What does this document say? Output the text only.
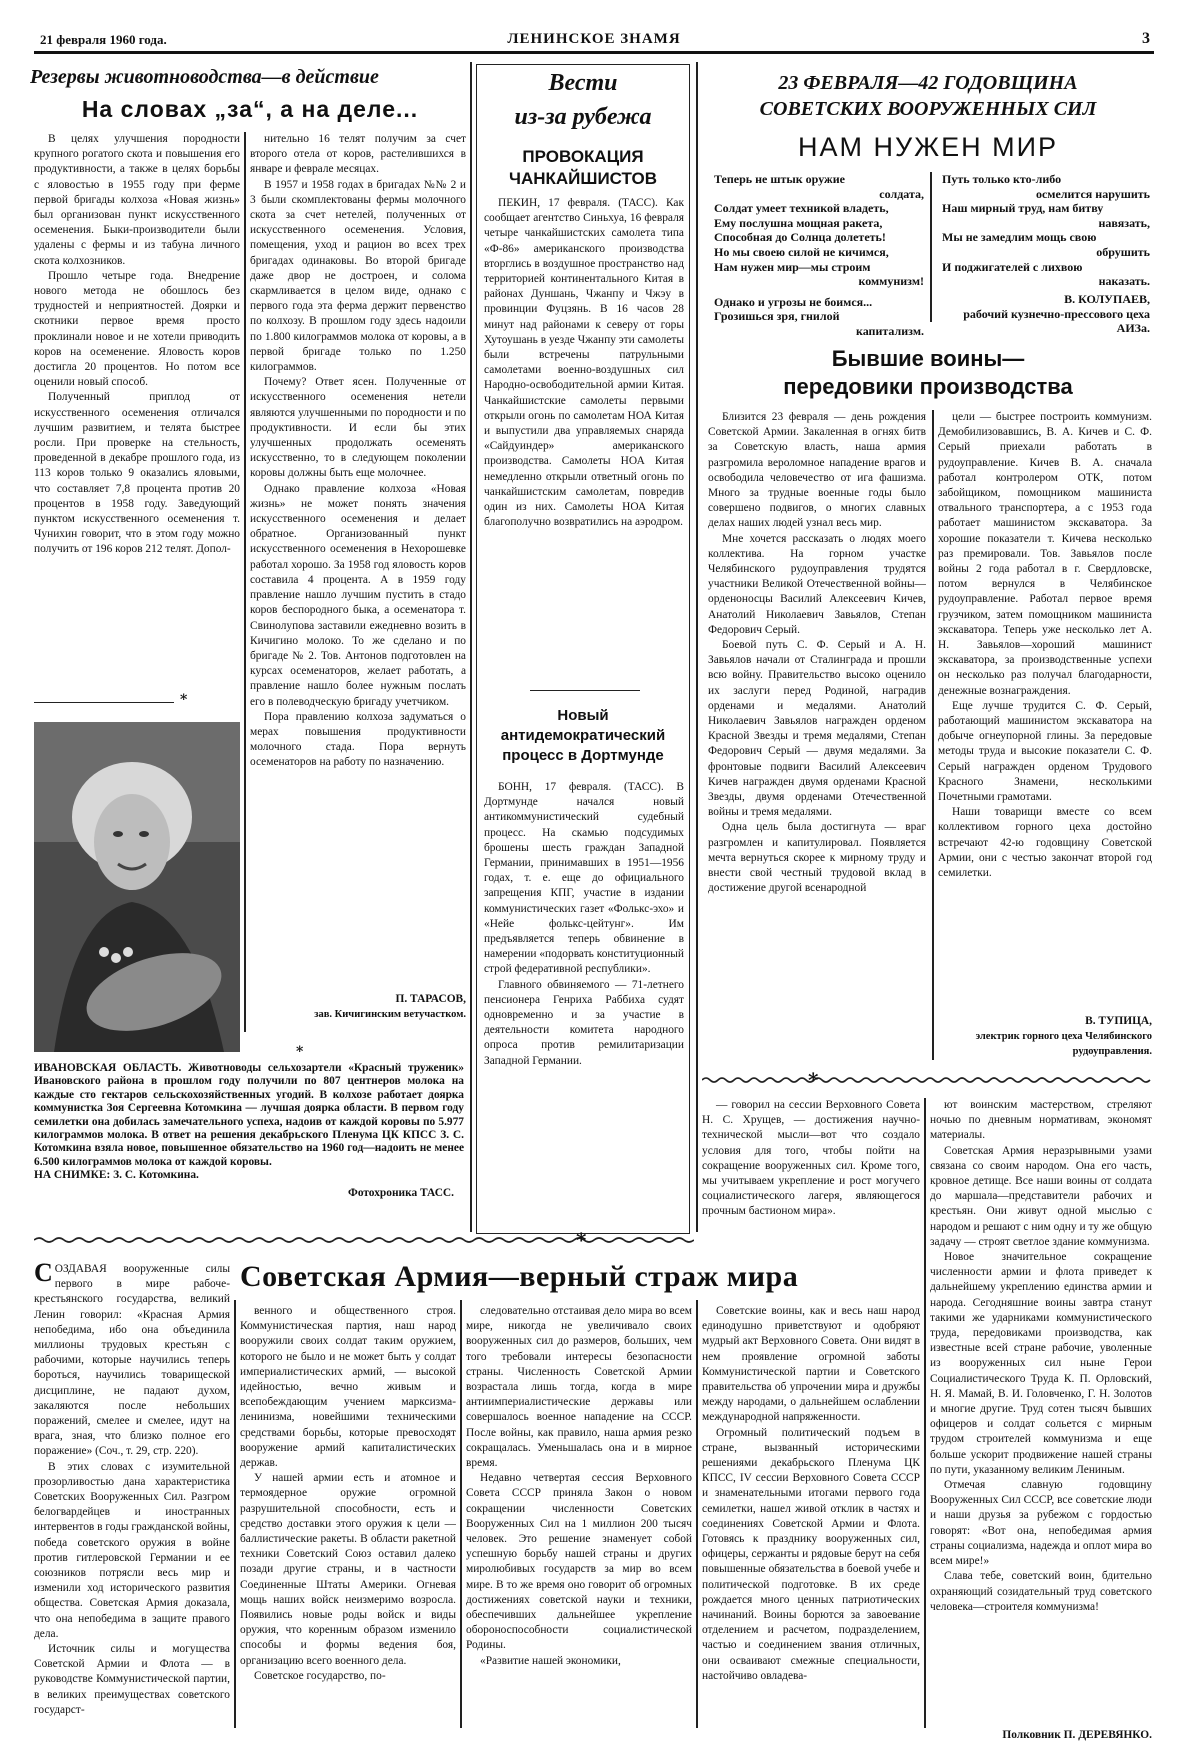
21 февраля 1960 года.	ЛЕНИНСКОЕ ЗНАМЯ	3
Резервы животноводства—в действие
На словах „за“, а на деле...

В целях улучшения породности крупного рогатого скота и повышения его продуктивности, а также в целях борьбы с яловостью в 1955 году при ферме первой бригады колхоза «Новая жизнь» был организован пункт искусственного осеменения. Быки-производители были удалены с фермы и из табуна личного скота колхозников.

Прошло четыре года. Внедрение нового метода не обошлось без трудностей и неприятностей. Доярки и скотники первое время просто проклинали новое и не хотели приводить коров на осеменение. Яловость коров достигла 20 процентов. Но потом все оценили новый способ.

Полученный приплод от искусственного осеменения отличался лучшим развитием, и телята быстрее росли. При проверке на стельность, проведенной в декабре прошлого года, из 113 коров только 9 оказались яловыми, что составляет 7,8 процента против 20 процентов в 1958 году. Заведующий пунктом искусственного осеменения т. Чунихин говорит, что в этом году можно получить от 196 коров 212 телят. Допол-

нительно 16 телят получим за счет второго отела от коров, растелившихся в январе и феврале месяцах.

В 1957 и 1958 годах в бригадах №№ 2 и 3 были скомплектованы фермы молочного скота за счет нетелей, полученных от искусственного осеменения. Условия, помещения, уход и рацион во всех трех бригадах одинаковы. Во второй бригаде даже двор не достроен, и солома скармливается в целом виде, однако с первого года эта ферма держит первенство по колхозу. В прошлом году здесь надоили по 1.800 килограммов молока от коровы, а в первой бригаде только по 1.250 килограммов.

Почему? Ответ ясен. Полученные от искусственного осеменения нетели являются улучшенными по породности и по продуктивности. И если бы этих улучшенных продолжать осеменять искусственно, то в следующем поколении коровы должны быть еще молочнее.

Однако правление колхоза «Новая жизнь» не может понять значения искусственного осеменения и делает обратное. Организованный пункт искусственного осеменения в Нехорошевке работал хорошо. За 1958 год яловость коров составила 4 процента. А в 1959 году правление нашло лучшим пустить в стадо коров беспородного быка, а осеменатора т. Свинолупова заставили ежедневно возить в Кичигино молоко. То же сделано и по бригаде № 2. Тов. Антонов подготовлен на курсах осеменаторов, желает работать, а правление нашло более нужным послать его в полеводческую бригаду учетчиком.

Пора правлению колхоза задуматься о мерах повышения продуктивности молочного стада. Пора вернуть осеменаторов на работу по назначению.

П. ТАРАСОВ,

зав. Кичигинским ветучастком.

*
*
ИВАНОВСКАЯ ОБЛАСТЬ. Животноводы сельхозартели «Красный труженик» Ивановского района в прошлом году получили по 807 центнеров молока на каждые сто гектаров сельскохозяйственных угодий. В колхозе работает доярка коммунистка Зоя Сергеевна Котомкина — лучшая доярка области. В первом году семилетки она добилась замечательного успеха, надоив от каждой коровы по 5.977 килограммов молока. В ответ на решения декабрьского Пленума ЦК КПСС З. С. Котомкина взяла новое, повышенное обязательство на 1960 год—надоить не менее 6.500 килограммов молока от каждой коровы.
НА СНИМКЕ: З. С. Котомкина.
Фотохроника ТАСС.
Вести
из-за рубежа
ПРОВОКАЦИЯ ЧАНКАЙШИСТОВ

ПЕКИН, 17 февраля. (ТАСС). Как сообщает агентство Синьхуа, 16 февраля четыре чанкайшистских самолета типа «Ф-86» американского производства вторглись в воздушное пространство над территорией континентального Китая в районах Дуншань, Чжанпу и Чжэу в провинции Фуцзянь. В 16 часов 28 минут над районами к северу от горы Хутоушань в уезде Чжанпу эти самолеты были встречены патрульными самолетами военно-воздушных сил Народно-освободительной армии Китая. Чанкайшистские самолеты первыми открыли огонь по самолетам НОА Китая и выпустили два управляемых снаряда «Сайдуиндер» американского производства. Самолеты НОА Китая немедленно открыли ответный огонь по чанкайшистским самолетам, повредив один из них. Самолеты НОА Китая благополучно возвратились на аэродром.

Новый антидемократический процесс в Дортмунде

БОНН, 17 февраля. (ТАСС). В Дортмунде начался новый антикоммунистический судебный процесс. На скамью подсудимых брошены шесть граждан Западной Германии, принимавших в 1951—1956 годах, т. е. еще до официального запрещения КПГ, участие в издании коммунистических газет «Фолькс-эхо» и «Нейе фолькс-цейтунг». Им предъявляется теперь обвинение в намерении «подорвать конституционный строй федеративной республики».

Главного обвиняемого — 71-летнего пенсионера Генриха Раббиха судят одновременно и за участие в деятельности комитета народного опроса против ремилитаризации Западной Германии.

23 ФЕВРАЛЯ—42 ГОДОВЩИНА
СОВЕТСКИХ ВООРУЖЕННЫХ СИЛ
НАМ НУЖЕН МИР
Теперь не штык оружие
солдата,
Солдат умеет техникой владеть,
Ему послушна мощная ракета,
Способная до Солнца долететь!
Но мы своею силой не кичимся,
Нам нужен мир—мы строим
коммунизм!
Однако и угрозы не боимся...
Грозишься зря, гнилой
капитализм.
Путь только кто-либо
осмелится нарушить
Наш мирный труд, нам битву
навязать,
Мы не замедлим мощь свою
обрушить
И поджигателей с лихвою
наказать.
В. КОЛУПАЕВ,
рабочий кузнечно-прессового цеха АИЗа.
Бывшие воины—
передовики производства

Близится 23 февраля — день рождения Советской Армии. Закаленная в огнях битв за Советскую власть, наша армия разгромила вероломное нападение врагов и освободила человечество от ига фашизма. Много за трудные военные годы было совершено подвигов, о многих славных делах наших людей узнал весь мир.

Мне хочется рассказать о людях моего коллектива. На горном участке Челябинского рудоуправления трудятся участники Великой Отечественной войны—орденоносцы Василий Алексеевич Кичев, Анатолий Николаевич Завьялов, Степан Федорович Серый.

Боевой путь С. Ф. Серый и А. Н. Завьялов начали от Сталинграда и прошли всю войну. Правительство высоко оценило их заслуги перед Родиной, наградив орденами и медалями. Анатолий Николаевич Завьялов награжден орденом Красной Звезды и тремя медалями, Степан Федорович Серый — двумя медалями. За фронтовые подвиги Василий Алексеевич Кичев награжден двумя орденами Красной Звезды, двумя орденами Отечественной войны и тремя медалями.

Одна цель была достигнута — враг разгромлен и капитулировал. Появляется мечта вернуться скорее к мирному труду и внести свой честный трудовой вклад в достижение другой всенародной

цели — быстрее построить коммунизм. Демобилизовавшись, В. А. Кичев и С. Ф. Серый приехали работать в рудоуправление. Кичев В. А. сначала работал контролером ОТК, потом забойщиком, помощником машиниста отвального транспортера, а с 1953 года работает машинистом экскаватора. За хорошие показатели т. Кичева несколько раз премировали. Тов. Завьялов после войны 2 года работал в г. Свердловске, потом вернулся в Челябинское рудоуправление. Работал первое время грузчиком, затем помощником машиниста экскаватора. Теперь уже несколько лет А. Н. Завьялов—хороший машинист экскаватора, за производственные успехи он несколько раз получал благодарности, денежные вознаграждения.

Еще лучше трудится С. Ф. Серый, работающий машинистом экскаватора на добыче огнеупорной глины. За передовые методы труда и высокие показатели С. Ф. Серый награжден орденом Трудового Красного Знамени, несколькими Почетными грамотами.

Наши товарищи вместе со всем коллективом горного цеха достойно встречают 42-ю годовщину Советской Армии, они с честью закончат второй год семилетки.

В. ТУПИЦА,

электрик горного цеха Челябинского рудоуправления.

*

— говорил на сессии Верховного Совета Н. С. Хрущев, — достижения научно-технической мысли—вот что создало условия для того, чтобы пойти на сокращение вооруженных сил. Кроме того, мы учитываем укрепление и рост могучего социалистического лагеря, являющегося прочным бастионом мира».

ют воинским мастерством, стреляют ночью по дневным нормативам, экономят материалы.

Советская Армия неразрывными узами связана со своим народом. Она его часть, кровное детище. Все наши воины от солдата до маршала—представители рабочих и крестьян. Они живут одной мыслью с народом и решают с ним одну и ту же общую задачу — строят светлое здание коммунизма.

Новое значительное сокращение численности армии и флота приведет к дальнейшему укреплению единства армии и народа. Сегодняшние воины завтра станут такими же ударниками коммунистического труда, передовиками производства, как известные всей стране рабочие, уволенные из вооруженных сил ныне Герои Социалистического Труда К. П. Орловский, Н. Я. Мамай, В. И. Головченко, Г. Н. Золотов и многие другие. Труд сотен тысяч бывших офицеров и солдат сольется с мирным трудом строителей коммунизма и еще больше ускорит продвижение нашей страны по пути, указанному великим Лениным.

Отмечая славную годовщину Вооруженных Сил СССР, все советские люди и наши друзья за рубежом с гордостью говорят: «Вот она, непобедимая армия страны социализма, надежда и оплот мира во всем мире!»

Слава тебе, советский воин, бдительно охраняющий созидательный труд советского человека—строителя коммунизма!

*
Советская Армия—верный страж мира

СОЗДАВАЯ вооруженные силы первого в мире рабоче-крестьянского государства, великий Ленин говорил: «Красная Армия непобедима, ибо она объединила миллионы трудовых крестьян с рабочими, которые научились теперь бороться, научились товарищеской дисциплине, не падают духом, закаляются после небольших поражений, смелее и смелее, идут на врага, зная, что близко полное его поражение» (Соч., т. 29, стр. 220).

В этих словах с изумительной прозорливостью дана характеристика Советских Вооруженных Сил. Разгром белогвардейцев и иностранных интервентов в годы гражданской войны, победа советского оружия в войне против гитлеровской Германии и ее союзников потрясли весь мир и изменили ход исторического развития общества. Советская Армия доказала, что она непобедима в защите правого дела.

Источник силы и могущества Советской Армии и Флота — в руководстве Коммунистической партии, в великих преимуществах советского государст-

венного и общественного строя. Коммунистическая партия, наш народ вооружили своих солдат таким оружием, которого не было и не может быть у солдат империалистических армий, — высокой идейностью, вечно живым и всепобеждающим учением марксизма-ленинизма, новейшими техническими средствами борьбы, которые превосходят вооружение армий капиталистических держав.

У нашей армии есть и атомное и термоядерное оружие огромной разрушительной способности, есть и средство доставки этого оружия к цели — баллистические ракеты. В области ракетной техники Советский Союз оставил далеко позади другие страны, и в частности Соединенные Штаты Америки. Огневая мощь наших войск неизмеримо возросла. Появились новые роды войск и виды оружия, что коренным образом изменило способы и формы ведения боя, организацию всего военного дела.

Советское государство, по-

следовательно отстаивая дело мира во всем мире, никогда не увеличивало своих вооруженных сил до размеров, больших, чем того требовали интересы безопасности страны. Численность Советской Армии возрастала лишь тогда, когда в мире антиимпериалистические державы или совершалось военное нападение на СССР. После войны, как правило, наша армия резко сокращалась. Уменьшалась она и в мирное время.

Недавно четвертая сессия Верховного Совета СССР приняла Закон о новом сокращении численности Советских Вооруженных Сил на 1 миллион 200 тысяч человек. Это решение знаменует собой успешную борьбу нашей страны и других миролюбивых государств за мир во всем мире. В то же время оно говорит об огромных достижениях советской науки и техники, обеспечивших дальнейшее укрепление обороноспособности социалистической Родины.

«Развитие нашей экономики,

Советские воины, как и весь наш народ единодушно приветствуют и одобряют мудрый акт Верховного Совета. Они видят в нем проявление огромной заботы Коммунистической партии и Советского правительства об упрочении мира и дружбы между народами, о дальнейшем ослаблении международной напряженности.

Огромный политический подъем в стране, вызванный историческими решениями декабрьского Пленума ЦК КПСС, IV сессии Верховного Совета СССР и знаменательными итогами первого года семилетки, нашел живой отклик в частях и соединениях Советской Армии и Флота. Готовясь к празднику вооруженных сил, офицеры, сержанты и рядовые берут на себя повышенные обязательства в боевой учебе и политической подготовке. В их среде рождается много ценных патриотических начинаний. Воины борются за завоевание отделением и расчетом, подразделением, частью и соединением звания отличных, они осваивают смежные специальности, настойчиво овладева-

Полковник П. ДЕРЕВЯНКО.
